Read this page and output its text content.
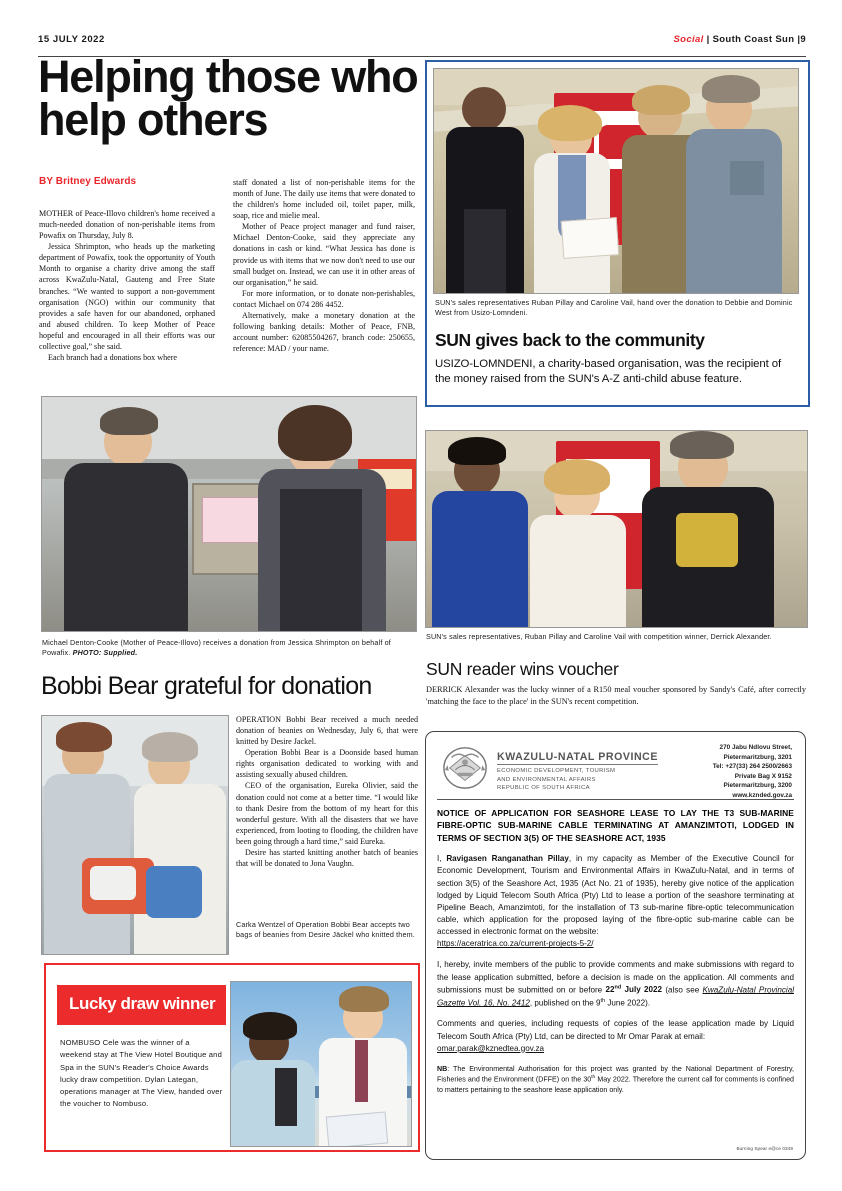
15 JULY 2022	Social | South Coast Sun |9
Helping those who help others
BY Britney Edwards

MOTHER of Peace-Illovo children's home received a much-needed donation of non-perishable items from Powafix on Thursday, July 8.

Jessica Shrimpton, who heads up the marketing department of Powafix, took the opportunity of Youth Month to organise a charity drive among the staff across KwaZulu-Natal, Gauteng and Free State branches. “We wanted to support a non-government organisation (NGO) within our community that provides a safe haven for our abandoned, orphaned and abused children. To keep Mother of Peace hopeful and encouraged in all their efforts was our collective goal,” she said.

Each branch had a donations box where

staff donated a list of non-perishable items for the month of June. The daily use items that were donated to the children's home included oil, toilet paper, milk, soap, rice and mielie meal.

Mother of Peace project manager and fund raiser, Michael Denton-Cooke, said they appreciate any donations in cash or kind. “What Jessica has done is provide us with items that we now don't need to use our small budget on. Instead, we can use it in other areas of our organisation,” he said.

For more information, or to donate non-perishables, contact Michael on 074 286 4452.

Alternatively, make a monetary donation at the following banking details: Mother of Peace, FNB, account number: 62085504267, branch code: 250655, reference: MAD / your name.

SUN's sales representatives Ruban Pillay and Caroline Vail, hand over the donation to Debbie and Dominic West from Usizo-Lomndeni.
SUN gives back to the community
USIZO-LOMNDENI, a charity-based organisation, was the recipient of the money raised from the SUN's A-Z anti-child abuse feature.
Michael Denton-Cooke (Mother of Peace-Illovo) receives a donation from Jessica Shrimpton on behalf of Powafix. PHOTO: Supplied.
Bobbi Bear grateful for donation

OPERATION Bobbi Bear received a much needed donation of beanies on Wednesday, July 6, that were knitted by Desire Jackel.

Operation Bobbi Bear is a Doonside based human rights organisation dedicated to working with and assisting sexually abused children.

CEO of the organisation, Eureka Olivier, said the donation could not come at a better time. “I would like to thank Desire from the bottom of my heart for this wonderful gesture. With all the disasters that we have experienced, from looting to flooding, the children have been going through a hard time,” said Eureka.

Desire has started knitting another batch of beanies that will be donated to Jona Vaughn.

Carka Wentzel of Operation Bobbi Bear accepts two bags of beanies from Desire Jäckel who knitted them.
Lucky draw winner
NOMBUSO Cele was the winner of a weekend stay at The View Hotel Boutique and Spa in the SUN's Reader's Choice Awards lucky draw competition. Dylan Lategan, operations manager at The View, handed over the voucher to Nombuso.
SUN's sales representatives, Ruban Pillay and Caroline Vail with competition winner, Derrick Alexander.
SUN reader wins voucher

DERRICK Alexander was the lucky winner of a R150 meal voucher sponsored by Sandy's Café, after correctly 'matching the face to the place' in the SUN's recent competition.

KWAZULU-NATAL PROVINCE
ECONOMIC DEVELOPMENT, TOURISM
AND ENVIRONMENTAL AFFAIRS
REPUBLIC OF SOUTH AFRICA
270 Jabu Ndlovu Street,
Pietermaritzburg, 3201
Tel: +27(33) 264 2500/2663
Private Bag X 9152
Pietermaritzburg, 3200
www.kznded.gov.za
NOTICE OF APPLICATION FOR SEASHORE LEASE TO LAY THE T3 SUB-MARINE FIBRE-OPTIC SUB-MARINE CABLE TERMINATING AT AMANZIMTOTI, LODGED IN TERMS OF SECTION 3(5) OF THE SEASHORE ACT, 1935

I, Ravigasen Ranganathan Pillay, in my capacity as Member of the Executive Council for Economic Development, Tourism and Environmental Affairs in KwaZulu-Natal, and in terms of section 3(5) of the Seashore Act, 1935 (Act No. 21 of 1935), hereby give notice of the application lodged by Liquid Telecom South Africa (Pty) Ltd to lease a portion of the seashore terminating at Pipeline Beach, Amanzimtoti, for the installation of T3 sub-marine fibre-optic telecommunication cable, which application for the proposed laying of the fibre-optic sub-marine cable can be accessed in electronic format on the website:
https://aceratrica.co.za/current-projects-5-2/

I, hereby, invite members of the public to provide comments and make submissions with regard to the lease application submitted, before a decision is made on the application. All comments and submissions must be submitted on or before 22nd July 2022 (also see KwaZulu-Natal Provincial Gazette Vol. 16, No. 2412, published on the 9th June 2022).

Comments and queries, including requests of copies of the lease application made by Liquid Telecom South Africa (Pty) Ltd, can be directed to Mr Omar Parak at email:
omar.parak@kznedtea.gov.za

NB: The Environmental Authorisation for this project was granted by the National Department of Forestry, Fisheries and the Environment (DFFE) on the 30th May 2022. Therefore the current call for comments is confined to matters pertaining to the seashore lease application only.

Burning Spear e@ce 0349
